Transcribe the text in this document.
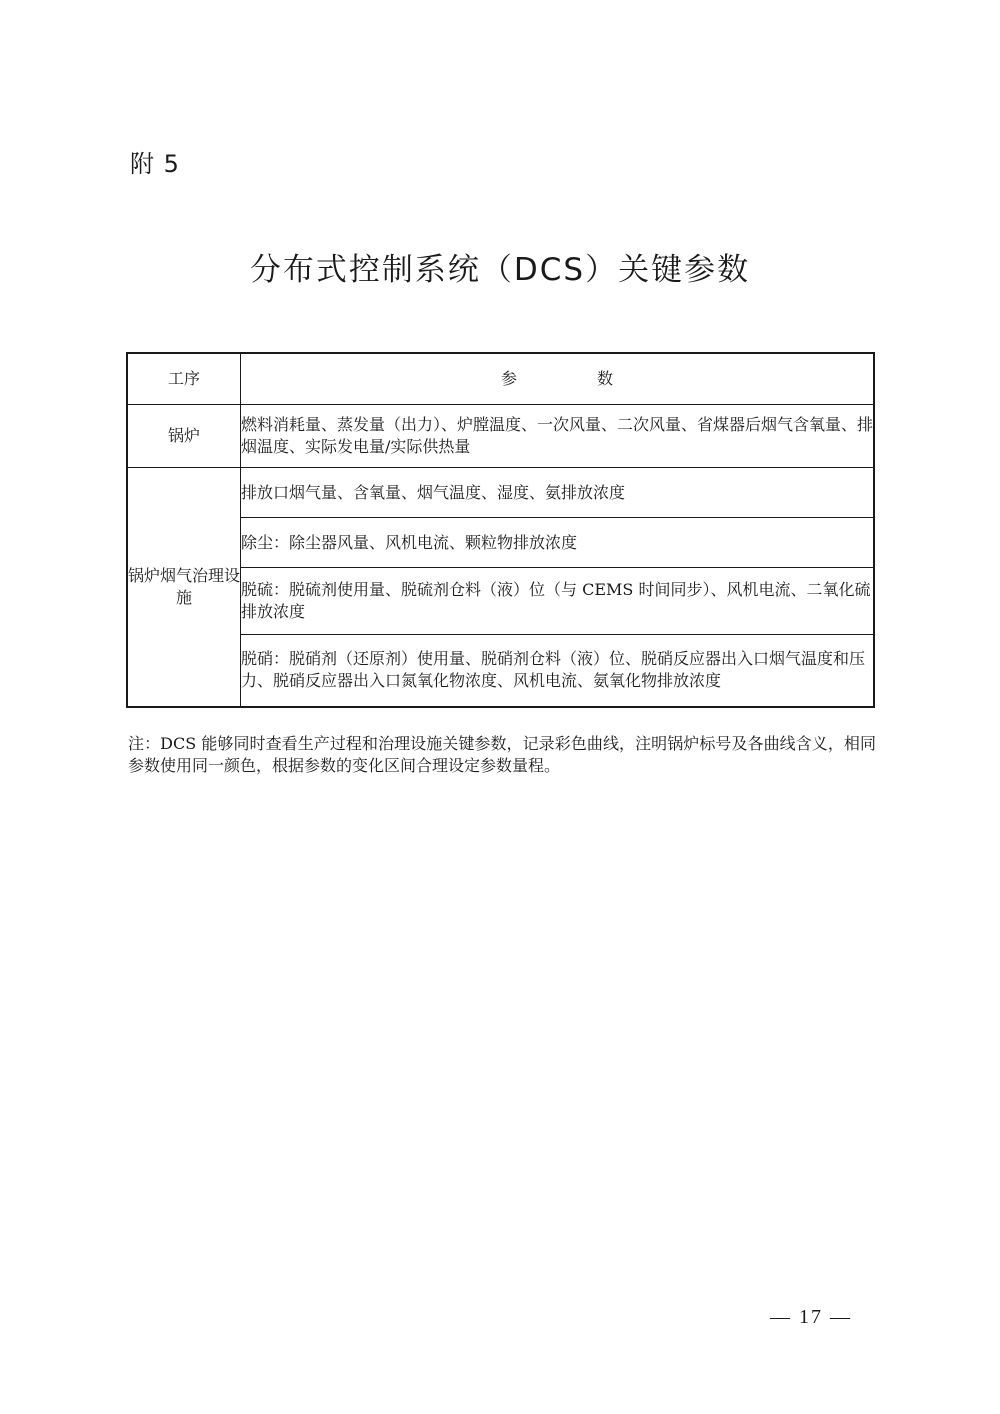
附 5
分布式控制系统（DCS）关键参数
工序	参 数
锅炉	燃料消耗量、蒸发量（出力）、炉膛温度、一次风量、二次风量、省煤器后烟气含氧量、排烟温度、实际发电量/实际供热量
锅炉烟气治理设施	排放口烟气量、含氧量、烟气温度、湿度、氨排放浓度
	除尘：除尘器风量、风机电流、颗粒物排放浓度
	脱硫：脱硫剂使用量、脱硫剂仓料（液）位（与 CEMS 时间同步）、风机电流、二氧化硫排放浓度
	脱硝：脱硝剂（还原剂）使用量、脱硝剂仓料（液）位、脱硝反应器出入口烟气温度和压力、脱硝反应器出入口氮氧化物浓度、风机电流、氨氧化物排放浓度
注：DCS 能够同时查看生产过程和治理设施关键参数，记录彩色曲线，注明锅炉标号及各曲线含义，相同参数使用同一颜色，根据参数的变化区间合理设定参数量程。
— 17 —
